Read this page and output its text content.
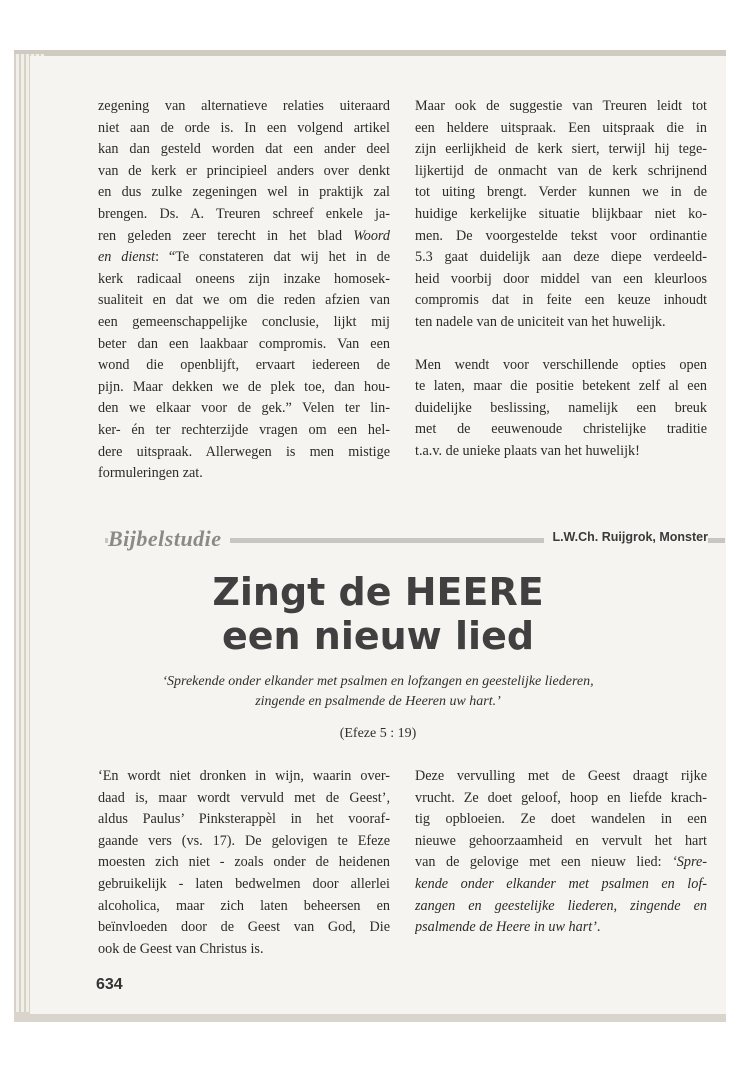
zegening van alternatieve relaties uiteraard
niet aan de orde is. In een volgend artikel
kan dan gesteld worden dat een ander deel
van de kerk er principieel anders over denkt
en dus zulke zegeningen wel in praktijk zal
brengen. Ds. A. Treuren schreef enkele ja-
ren geleden zeer terecht in het blad Woord
en dienst: “Te constateren dat wij het in de
kerk radicaal oneens zijn inzake homosek-
sualiteit en dat we om die reden afzien van
een gemeenschappelijke conclusie, lijkt mij
beter dan een laakbaar compromis. Van een
wond die openblijft, ervaart iedereen de
pijn. Maar dekken we de plek toe, dan hou-
den we elkaar voor de gek.” Velen ter lin-
ker- én ter rechterzijde vragen om een hel-
dere uitspraak. Allerwegen is men mistige
formuleringen zat.
Maar ook de suggestie van Treuren leidt tot
een heldere uitspraak. Een uitspraak die in
zijn eerlijkheid de kerk siert, terwijl hij tege-
lijkertijd de onmacht van de kerk schrijnend
tot uiting brengt. Verder kunnen we in de
huidige kerkelijke situatie blijkbaar niet ko-
men. De voorgestelde tekst voor ordinantie
5.3 gaat duidelijk aan deze diepe verdeeld-
heid voorbij door middel van een kleurloos
compromis dat in feite een keuze inhoudt
ten nadele van de uniciteit van het huwelijk.
Men wendt voor verschillende opties open
te laten, maar die positie betekent zelf al een
duidelijke beslissing, namelijk een breuk
met de eeuwenoude christelijke traditie
t.a.v. de unieke plaats van het huwelijk!
Bijbelstudie	L.W.Ch. Ruijgrok, Monster
Zingt de HEERE
een nieuw lied
‘Sprekende onder elkander met psalmen en lofzangen en geestelijke liederen,
zingende en psalmende de Heeren uw hart.’
(Efeze 5 : 19)
‘En wordt niet dronken in wijn, waarin over-
daad is, maar wordt vervuld met de Geest’,
aldus Paulus’ Pinksterappèl in het vooraf-
gaande vers (vs. 17). De gelovigen te Efeze
moesten zich niet - zoals onder de heidenen
gebruikelijk - laten bedwelmen door allerlei
alcoholica, maar zich laten beheersen en
beïnvloeden door de Geest van God, Die
ook de Geest van Christus is.
Deze vervulling met de Geest draagt rijke
vrucht. Ze doet geloof, hoop en liefde krach-
tig opbloeien. Ze doet wandelen in een
nieuwe gehoorzaamheid en vervult het hart
van de gelovige met een nieuw lied: ‘Spre-
kende onder elkander met psalmen en lof-
zangen en geestelijke liederen, zingende en
psalmende de Heere in uw hart’.
634
